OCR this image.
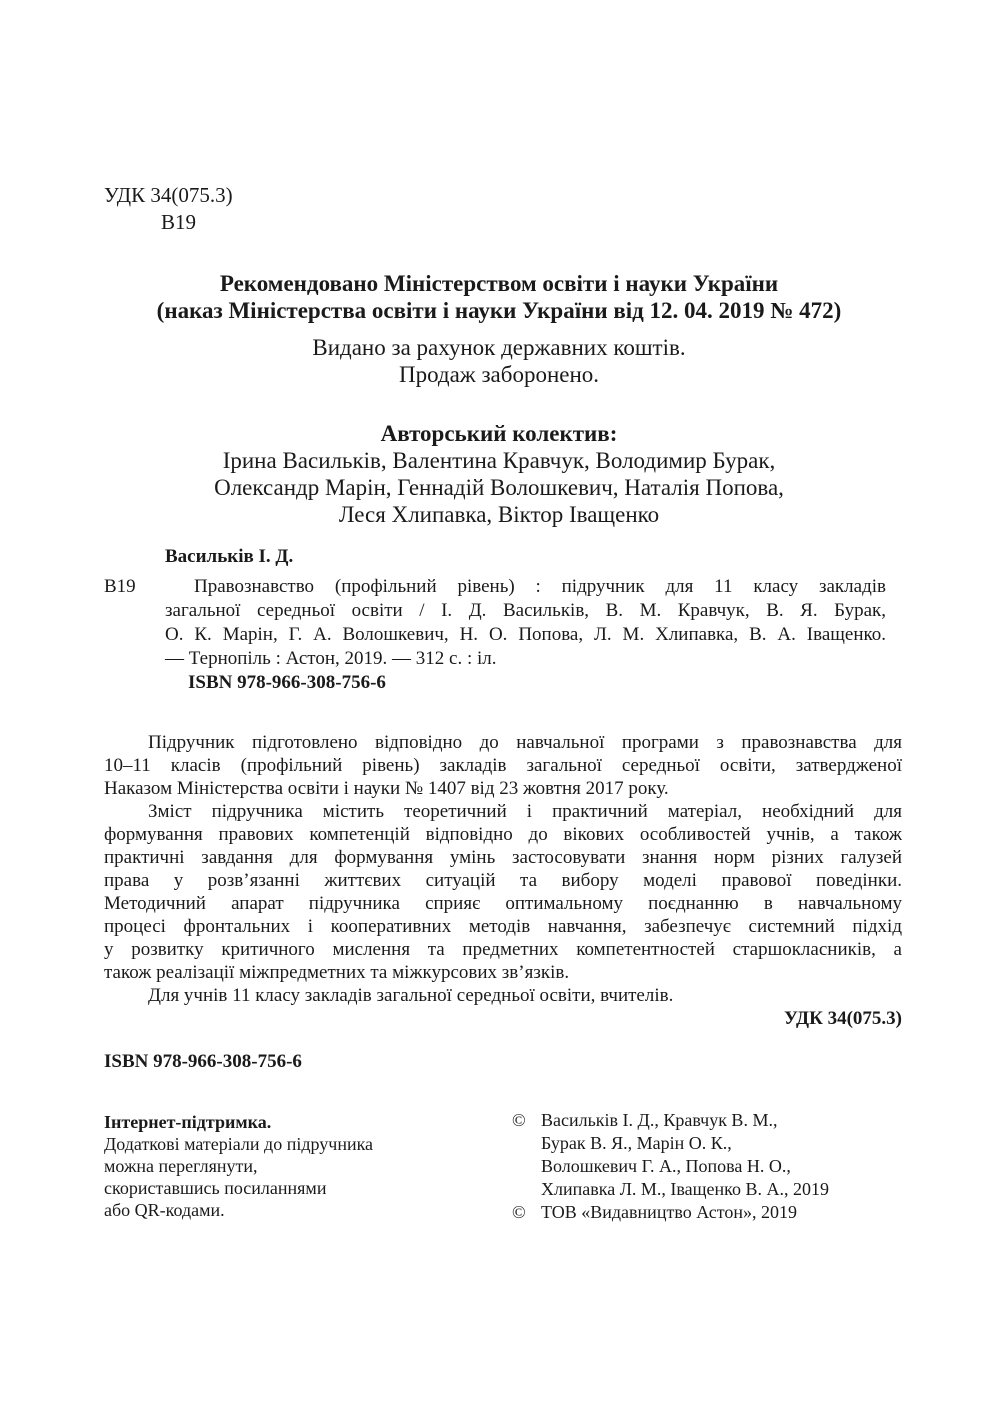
УДК 34(075.3)
В19
Рекомендовано Міністерством освіти і науки України
(наказ Міністерства освіти і науки України від 12. 04. 2019 № 472)
Видано за рахунок державних коштів.
Продаж заборонено.
Авторський колектив:
Ірина Васильків, Валентина Кравчук, Володимир Бурак,
Олександр Марін, Геннадій Волошкевич, Наталія Попова,
Леся Хлипавка, Віктор Іващенко
Васильків І. Д.
В19	Правознавство (профільний рівень) : підручник для 11 класу закладів
загальної середньої освіти / І. Д. Васильків, В. М. Кравчук, В. Я. Бурак,
О. К. Марін, Г. А. Волошкевич, Н. О. Попова, Л. М. Хлипавка, В. А. Іващенко.
— Тернопіль : Астон, 2019. — 312 с. : іл.
ISBN 978-966-308-756-6
Підручник підготовлено відповідно до навчальної програми з правознавства для
10–11 класів (профільний рівень) закладів загальної середньої освіти, затвердженої
Наказом Міністерства освіти і науки № 1407 від 23 жовтня 2017 року.
Зміст підручника містить теоретичний і практичний матеріал, необхідний для
формування правових компетенцій відповідно до вікових особливостей учнів, а також
практичні завдання для формування умінь застосовувати знання норм різних галузей
права у розв’язанні життєвих ситуацій та вибору моделі правової поведінки.
Методичний апарат підручника сприяє оптимальному поєднанню в навчальному
процесі фронтальних і кооперативних методів навчання, забезпечує системний підхід
у розвитку критичного мислення та предметних компетентностей старшокласників, а
також реалізації міжпредметних та міжкурсових зв’язків.
Для учнів 11 класу закладів загальної середньої освіти, вчителів.
УДК 34(075.3)
ISBN 978-966-308-756-6
Інтернет-підтримка.
Додаткові матеріали до підручника
можна переглянути,
скориставшись посиланнями
або QR-кодами.
© Васильків І. Д., Кравчук В. М.,
Бурак В. Я., Марін О. К.,
Волошкевич Г. А., Попова Н. О.,
Хлипавка Л. М., Іващенко В. А., 2019
© ТОВ «Видавництво Астон», 2019
